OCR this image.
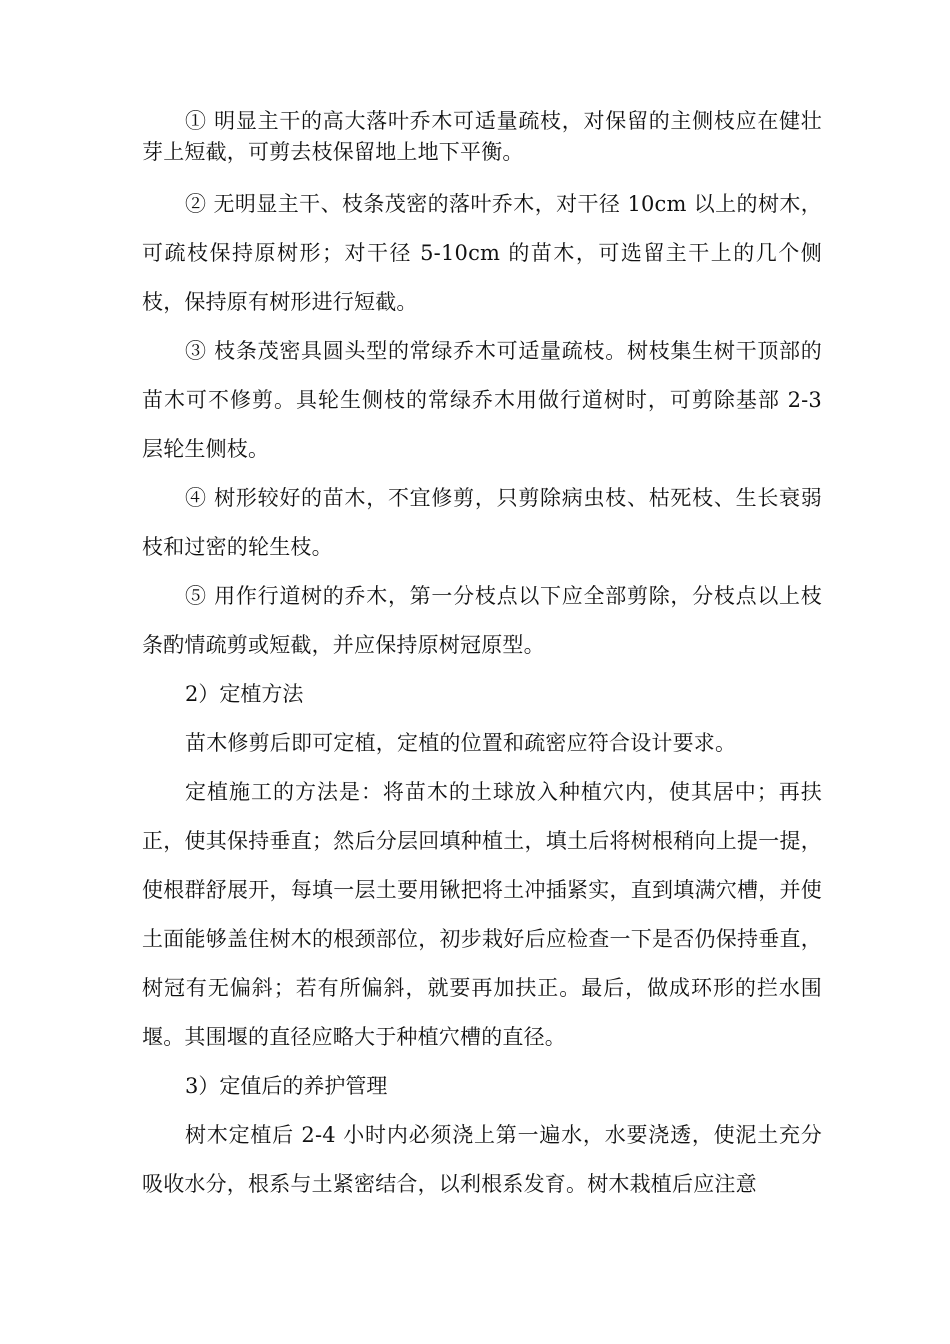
① 明显主干的高大落叶乔木可适量疏枝，对保留的主侧枝应在健壮芽上短截，可剪去枝保留地上地下平衡。

② 无明显主干、枝条茂密的落叶乔木，对干径 10cm 以上的树木，可疏枝保持原树形；对干径 5-10cm 的苗木，可选留主干上的几个侧枝，保持原有树形进行短截。

③ 枝条茂密具圆头型的常绿乔木可适量疏枝。树枝集生树干顶部的苗木可不修剪。具轮生侧枝的常绿乔木用做行道树时，可剪除基部 2-3 层轮生侧枝。

④ 树形较好的苗木，不宜修剪，只剪除病虫枝、枯死枝、生长衰弱枝和过密的轮生枝。

⑤ 用作行道树的乔木，第一分枝点以下应全部剪除，分枝点以上枝条酌情疏剪或短截，并应保持原树冠原型。

2）定植方法

苗木修剪后即可定植，定植的位置和疏密应符合设计要求。

定植施工的方法是：将苗木的土球放入种植穴内，使其居中；再扶正，使其保持垂直；然后分层回填种植土，填土后将树根稍向上提一提，使根群舒展开，每填一层土要用锹把将土冲插紧实，直到填满穴槽，并使土面能够盖住树木的根颈部位，初步栽好后应检查一下是否仍保持垂直，树冠有无偏斜；若有所偏斜，就要再加扶正。最后，做成环形的拦水围堰。其围堰的直径应略大于种植穴槽的直径。

3）定值后的养护管理

树木定植后 2-4 小时内必须浇上第一遍水，水要浇透，使泥土充分吸收水分，根系与土紧密结合，以利根系发育。树木栽植后应注意
